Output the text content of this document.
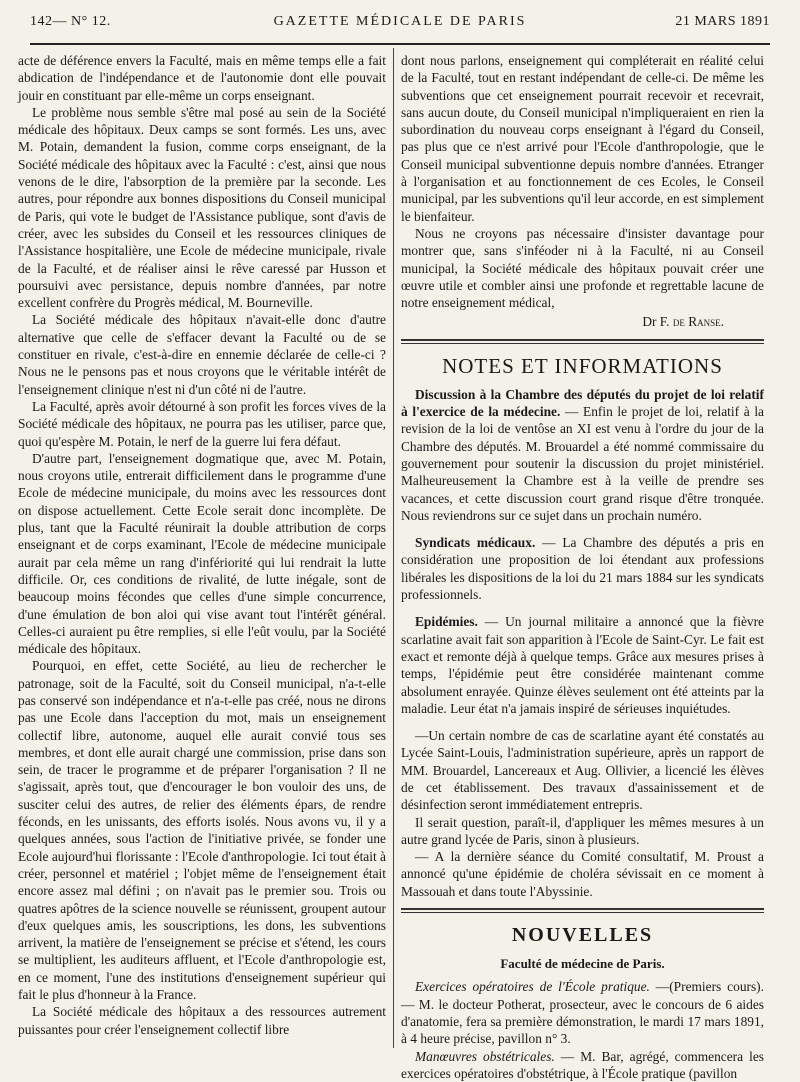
142— N° 12.	GAZETTE MÉDICALE DE PARIS	21 MARS 1891

acte de déférence envers la Faculté, mais en même temps elle a fait abdication de l'indépendance et de l'autonomie dont elle pouvait jouir en constituant par elle-même un corps enseignant.

Le problème nous semble s'être mal posé au sein de la Société médicale des hôpitaux. Deux camps se sont formés. Les uns, avec M. Potain, demandent la fusion, comme corps enseignant, de la Société médicale des hôpitaux avec la Faculté : c'est, ainsi que nous venons de le dire, l'absorption de la première par la seconde. Les autres, pour répondre aux bonnes dispositions du Conseil municipal de Paris, qui vote le budget de l'Assistance publique, sont d'avis de créer, avec les subsides du Conseil et les ressources cliniques de l'Assistance hospitalière, une Ecole de médecine municipale, rivale de la Faculté, et de réaliser ainsi le rêve caressé par Husson et poursuivi avec persistance, depuis nombre d'années, par notre excellent confrère du Progrès médical, M. Bourneville.

La Société médicale des hôpitaux n'avait-elle donc d'autre alternative que celle de s'effacer devant la Faculté ou de se constituer en rivale, c'est-à-dire en ennemie déclarée de celle-ci ? Nous ne le pensons pas et nous croyons que le véritable intérêt de l'enseignement clinique n'est ni d'un côté ni de l'autre.

La Faculté, après avoir détourné à son profit les forces vives de la Société médicale des hôpitaux, ne pourra pas les utiliser, parce que, quoi qu'espère M. Potain, le nerf de la guerre lui fera défaut.

D'autre part, l'enseignement dogmatique que, avec M. Potain, nous croyons utile, entrerait difficilement dans le programme d'une Ecole de médecine municipale, du moins avec les ressources dont on dispose actuellement. Cette Ecole serait donc incomplète. De plus, tant que la Faculté réunirait la double attribution de corps enseignant et de corps examinant, l'Ecole de médecine municipale aurait par cela même un rang d'infériorité qui lui rendrait la lutte difficile. Or, ces conditions de rivalité, de lutte inégale, sont de beaucoup moins fécondes que celles d'une simple concurrence, d'une émulation de bon aloi qui vise avant tout l'intérêt général. Celles-ci auraient pu être remplies, si elle l'eût voulu, par la Société médicale des hôpitaux.

Pourquoi, en effet, cette Société, au lieu de rechercher le patronage, soit de la Faculté, soit du Conseil municipal, n'a-t-elle pas conservé son indépendance et n'a-t-elle pas créé, nous ne dirons pas une Ecole dans l'acception du mot, mais un enseignement collectif libre, autonome, auquel elle aurait convié tous ses membres, et dont elle aurait chargé une commission, prise dans son sein, de tracer le programme et de préparer l'organisation ? Il ne s'agissait, après tout, que d'encourager le bon vouloir des uns, de susciter celui des autres, de relier des éléments épars, de rendre féconds, en les unissants, des efforts isolés. Nous avons vu, il y a quelques années, sous l'action de l'initiative privée, se fonder une Ecole aujourd'hui florissante : l'Ecole d'anthropologie. Ici tout était à créer, personnel et matériel ; l'objet même de l'enseignement était encore assez mal défini ; on n'avait pas le premier sou. Trois ou quatres apôtres de la science nouvelle se réunissent, groupent autour d'eux quelques amis, les souscriptions, les dons, les subventions arrivent, la matière de l'enseignement se précise et s'étend, les cours se multiplient, les auditeurs affluent, et l'Ecole d'anthropologie est, en ce moment, l'une des institutions d'enseignement supérieur qui fait le plus d'honneur à la France.

La Société médicale des hôpitaux a des ressources autrement puissantes pour créer l'enseignement collectif libre

dont nous parlons, enseignement qui compléterait en réalité celui de la Faculté, tout en restant indépendant de celle-ci. De même les subventions que cet enseignement pourrait recevoir et recevrait, sans aucun doute, du Conseil municipal n'impliqueraient en rien la subordination du nouveau corps enseignant à l'égard du Conseil, pas plus que ce n'est arrivé pour l'Ecole d'anthropologie, que le Conseil municipal subventionne depuis nombre d'années. Etranger à l'organisation et au fonctionnement de ces Ecoles, le Conseil municipal, par les subventions qu'il leur accorde, en est simplement le bienfaiteur.

Nous ne croyons pas nécessaire d'insister davantage pour montrer que, sans s'inféoder ni à la Faculté, ni au Conseil municipal, la Société médicale des hôpitaux pouvait créer une œuvre utile et combler ainsi une profonde et regrettable lacune de notre enseignement médical,

Dr F. de Ranse.
NOTES ET INFORMATIONS

Discussion à la Chambre des députés du projet de loi relatif à l'exercice de la médecine. — Enfin le projet de loi, relatif à la revision de la loi de ventôse an XI est venu à l'ordre du jour de la Chambre des députés. M. Brouardel a été nommé commissaire du gouvernement pour soutenir la discussion du projet ministériel. Malheureusement la Chambre est à la veille de prendre ses vacances, et cette discussion court grand risque d'être tronquée. Nous reviendrons sur ce sujet dans un prochain numéro.

Syndicats médicaux. — La Chambre des députés a pris en considération une proposition de loi étendant aux professions libérales les dispositions de la loi du 21 mars 1884 sur les syndicats professionnels.

Epidémies. — Un journal militaire a annoncé que la fièvre scarlatine avait fait son apparition à l'Ecole de Saint-Cyr. Le fait est exact et remonte déjà à quelque temps. Grâce aux mesures prises à temps, l'épidémie peut être considérée maintenant comme absolument enrayée. Quinze élèves seulement ont été atteints par la maladie. Leur état n'a jamais inspiré de sérieuses inquiétudes.

—Un certain nombre de cas de scarlatine ayant été constatés au Lycée Saint-Louis, l'administration supérieure, après un rapport de MM. Brouardel, Lancereaux et Aug. Ollivier, a licencié les élèves de cet établissement. Des travaux d'assainissement et de désinfection seront immédiatement entrepris.

Il serait question, paraît-il, d'appliquer les mêmes mesures à un autre grand lycée de Paris, sinon à plusieurs.

— A la dernière séance du Comité consultatif, M. Proust a annoncé qu'une épidémie de choléra sévissait en ce moment à Massouah et dans toute l'Abyssinie.

NOUVELLES
Faculté de médecine de Paris.

Exercices opératoires de l'École pratique. —(Premiers cours). — M. le docteur Potherat, prosecteur, avec le concours de 6 aides d'anatomie, fera sa première démonstration, le mardi 17 mars 1891, à 4 heure précise, pavillon n° 3.

Manœuvres obstétricales. — M. Bar, agrégé, commencera les exercices opératoires d'obstétrique, à l'École pratique (pavillon
